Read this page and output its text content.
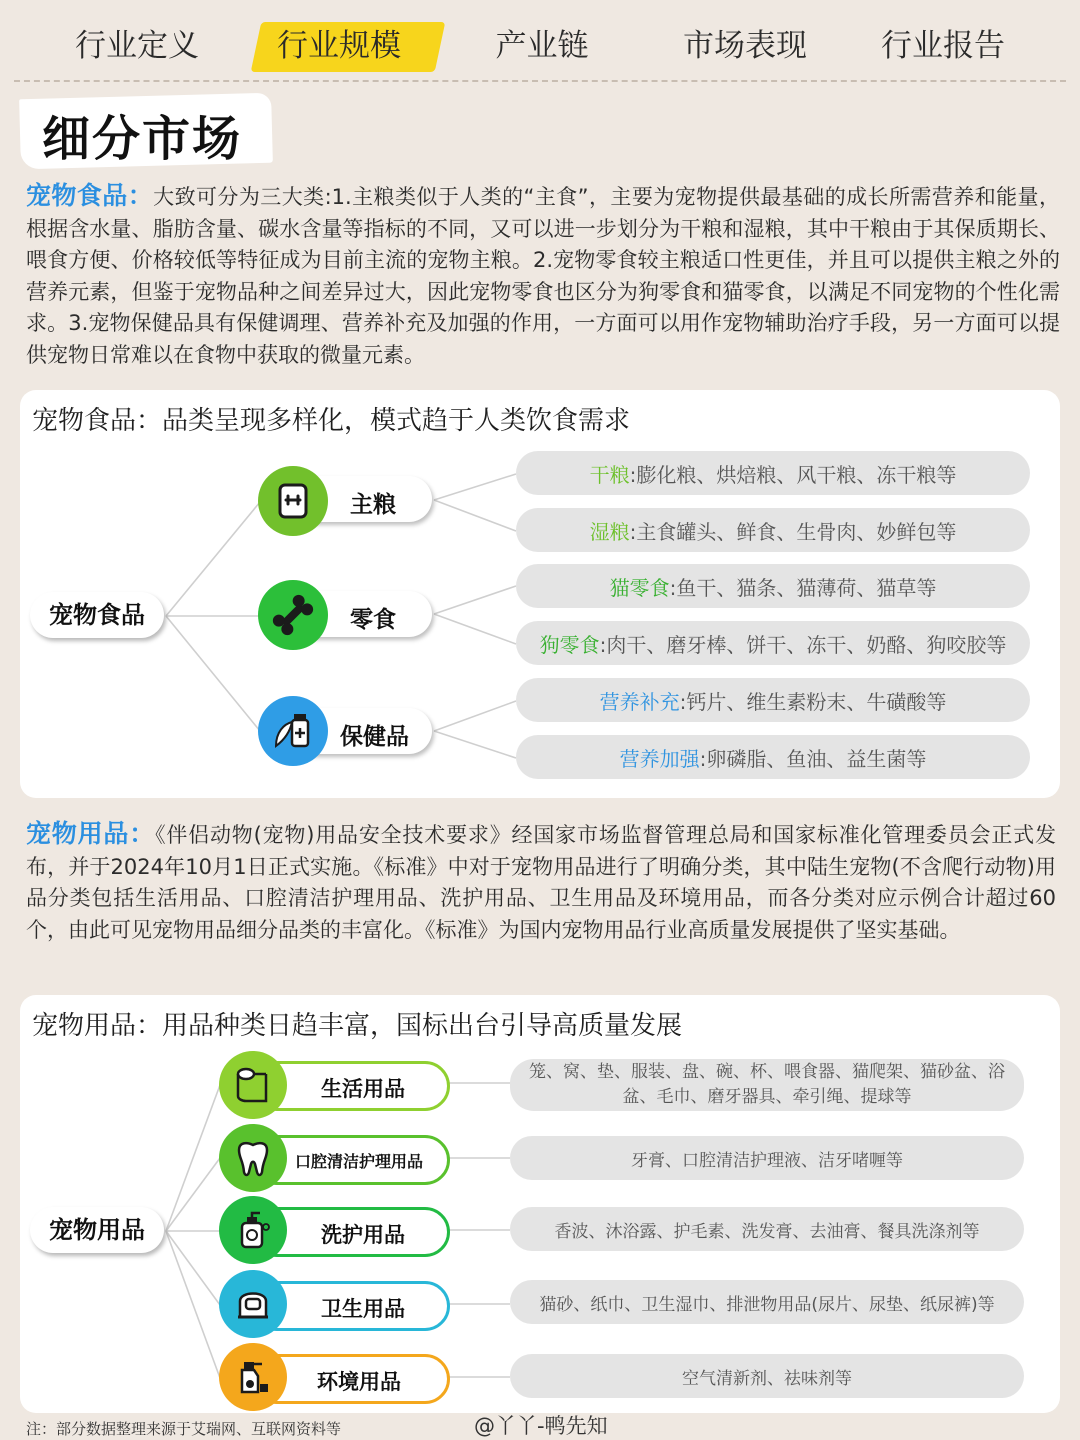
行业定义	行业规模	产业链	市场表现 行业报告
细分市场
宠物食品：大致可分为三大类:1.主粮类似于人类的“主食”，主要为宠物提供最基础的成长所需营养和能量，根据含水量、脂肪含量、碳水含量等指标的不同，又可以进一步划分为干粮和湿粮，其中干粮由于其保质期长、喂食方便、价格较低等特征成为目前主流的宠物主粮。2.宠物零食较主粮适口性更佳，并且可以提供主粮之外的营养元素，但鉴于宠物品种之间差异过大，因此宠物零食也区分为狗零食和猫零食，以满足不同宠物的个性化需求。3.宠物保健品具有保健调理、营养补充及加强的作用，一方面可以用作宠物辅助治疗手段，另一方面可以提供宠物日常难以在食物中获取的微量元素。
宠物食品：品类呈现多样化，模式趋于人类饮食需求
宠物食品
主粮
零食
保健品
干粮 :膨化粮、烘焙粮、风干粮、冻干粮等
湿粮 :主食罐头、鲜食、生骨肉、妙鲜包等
猫零食 :鱼干、猫条、猫薄荷、猫草等
狗零食 :肉干、磨牙棒、饼干、冻干、奶酪、狗咬胶等
营养补充 :钙片、维生素粉末、牛磺酸等
营养加强 :卵磷脂、鱼油、益生菌等
宠物用品：《伴侣动物(宠物)用品安全技术要求》经国家市场监督管理总局和国家标准化管理委员会正式发布，并于2024年10月1日正式实施。《标准》中对于宠物用品进行了明确分类，其中陆生宠物(不含爬行动物)用品分类包括生活用品、口腔清洁护理用品、洗护用品、卫生用品及环境用品，而各分类对应示例合计超过60个，由此可见宠物用品细分品类的丰富化。《标准》为国内宠物用品行业高质量发展提供了坚实基础。
宠物用品：用品种类日趋丰富，国标出台引导高质量发展
宠物用品
生活用品
口腔清洁护理用品
洗护用品
卫生用品
环境用品
笼、窝、垫、服装、盘、碗、杯、喂食器、猫爬架、猫砂盆、浴盆、毛巾、磨牙器具、牵引绳、提球等
牙膏、口腔清洁护理液、洁牙啫喱等
香波、沐浴露、护毛素、洗发膏、去油膏、餐具洗涤剂等
猫砂、纸巾、卫生湿巾、排泄物用品(尿片、尿垫、纸尿裤)等
空气清新剂、祛味剂等
注：部分数据整理来源于艾瑞网、互联网资料等	@丫丫-鸭先知
